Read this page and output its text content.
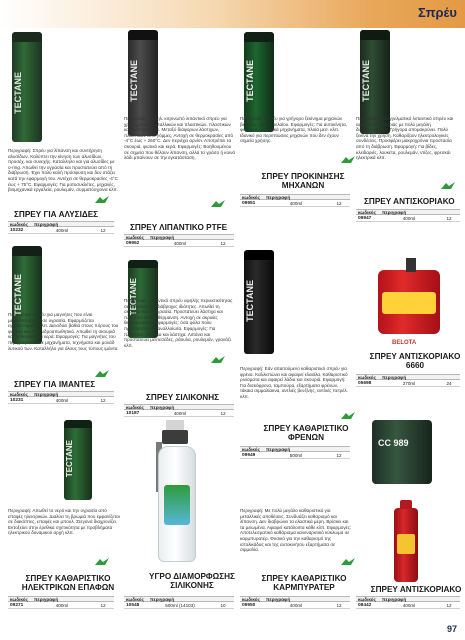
Σπρέυ
TECTANE
Περιγραφή: Σπρέυ για λίπανση και συντήρηση αλυσίδων. Καλύπτει την κίνηση των αλυσίδων, προσέχ. και συνεχής. Καταλληλο και για αλυσίδες με o-ring. Απωθεί την υγρασία και προστατεύει από τη διάβρωση. Έχει πολύ καλή πρόσφυση και δεν στάζει κατά την εφαρμογή του. Αντέχει σε θερμοκρασίες -4°C έως + 75°C. Εφαρμογές: Για μοτοσυκλέτες, μηχανές, βιομηχανικά εργαλεία, ρουλεμάν, συρματόσχοινα κλπ.
ΣΠΡΕΥ ΓΙΑ ΑΛΥΣΙΔΕΣ
κωδικός	περιγραφή
10232	400ml	12
TECTANE
Περιγραφή: Χαμηλ. κιτρινωπό λιπαντικό σπρέυ για χρήση μεταξύ μεταλλικών και πλαστικών, πλαστικών και λάστιχων κλπ. Μεταξύ διάφορων λάστιχων, πλαστικών από γόμμες, Αντοχή σε θερμοκρασίες από -4°C έως + 260°C. Δεν περιέχει αρνίσι. Αποτρέπει τα σκουριά, φωτικό και κερά. Εφαρμογές: Βοηθουμένου σε σημεία που θέλουν λίπανση, αλλά τα γράσο ή κοινά λάδι μπαίνουν σε την εγκατάσταση.
ΣΠΡΕΥ ΛΙΠΑΝΤΙΚΟ PTFE
κωδικός	περιγραφή
09952	400ml	12
TECTANE
Περιγραφή: Σπρέυ για γρήγορο ξεκίνημα μηχανών βενζίνης και πετρελαίου. Εφαρμογές: Για αυτοκίνητα, φορτηγά, γεωργικά μηχανήματα, πλοία μεσ. κλπ. Ιδανικό για περιπτώσεις μηχανών που δεν έχουν σημεία χρήσης.
ΣΠΡΕΥ ΠΡΟΚΙΝΗΣΗΣ ΜΗΧΑΝΩΝ
κωδικός	περιγραφή
09951	400ml	12
TECTANE
Περιγραφή: Επαγγελματικό λιπαντικό σπρέυ και αφαιρετικό σκουριάς με πολύ μεγάλη διεισδυτικότητα. Γρήγορα απομακρύνει. Πολύ ξεκινά την χρήση. Καθαρίζουν ηλεκτρολογικές συνδέσεις. Προσφέρει μακροχρόνια προστασία από τη διάβρωση. Εφαρμογή: Για βίδες, κλειδαριές, λουκέτα, ρουλεμάν, ντίζες, φρεσκάι ηλεκτρικά κλπ.
ΣΠΡΕΥ ΑΝΤΙΣΚΟΡΙΑΚΟ
κωδικός	περιγραφή
09947	400ml	12
TECTANE
Περιγραφή: Σπρέυ για μαγνήτες που είναι μεταλλοξυσμένο σε υγρασία. Εφαρμόζεται εγκατεστημένο κλπ. Διεισδύει βαθιά στους πόρους του φάκελο και είναι υδροαπωθητικό. Απωθεί τη σκουριά και τα θαλασσινά νερά. Εφαρμογές: Για μαγνήτες του περιγράφονται σε μηχανήματα, τεχνήματα και μονάδ λυτικού των. Καταλλήλο για όλους τους τύπους ιμάντα.
ΣΠΡΕΥ ΓΙΑ ΙΜΑΝΤΕΣ
κωδικός	περιγραφή
10231	400ml	12
TECTANE
Περιγραφή: Λιπαντικό σπρέυ υψηλής περιεκτικότητας σε σιλικόνη με αδιάβροχες ιδιότητες. Απωθεί τη σκουριά και τη υγρασία. Προστατεύει λάστιχα και πλαστικά από ενθέρμανση. Αντοχή σε ακραίες θερμοκρασίες. Εφαρμογές: όσα φύλα πολυ προστατεύονται αναλλοίωτα. Εφαρμογές: Για πλαστικά, μέταλλα και λάστιχα. Λιπάνει και προστατεύει μεντεσέδες, ράουλα, ρουλεμάν, γρανάζι κλπ.
ΣΠΡΕΥ ΣΙΛΙΚΟΝΗΣ
κωδικός	περιγραφή
10187	400ml	12
TECTANE
TECTANE
Περιγραφή: Απωθεί το νερό και την υγρασία από επαφές ηλεκτρικών. Διαλύει τη βρωμιά που εμφανίζεται σε διακόπτες, επαφές και μπουλ. Στεγανά διαχρονίζει. Εκτοξεύει στην έρεθικα σχετικότητα με προβλήματα ηλεκτρικού δυναμικού αρχή κλπ.
ΣΠΡΕΥ ΚΑΘΑΡΙΣΤΙΚΟ ΗΛΕΚΤΡΙΚΩΝ ΕΠΑΦΩΝ
κωδικός	περιγραφή
09271	400ml	12
ΥΓΡΟ ΔΙΑΜΟΡΦΩΣΗΣ ΣΙΛΙΚΟΝΗΣ
κωδικός	περιγραφή
10548	500ml (14103)	10
Περιγραφή: Εάν απαιτούμενο καθαριστικό σπρέυ για φρένα. Καλλιστώνει και αφαιρεί ελαιόλα. Καθαριστικό ρινίσματα και αφαιρεί λάδια και σκουριά. Εφαρμογή: Για δισκόφρενα, ταμπούρα, εξαρτήματα φρένων, τάκαια σιμμαλίακνα, αντλιές βενζίνης, αντλιές πετρέλ. κλπ.
ΣΠΡΕΥ ΚΑΘΑΡΙΣΤΙΚΟ ΦΡΕΝΩΝ
κωδικός	περιγραφή
09949	500ml	12
BELOTA
ΣΠΡΕΥ ΑΝΤΙΣΚΟΡΙΑΚΟ 6660
κωδικός	περιγραφή
05698	270ml	24
CC 989
Περιγραφή: Με πολύ μεγάλο καθαριστικό για μεταλλικές αποθέσεις. Συνδυάζει καθαρισμό και λίπανση. Δεν διαβρώνει τα ελαστικά μέρη. Βρίσκει και τα μειωμένα. Αφαιρεί κατάλοιπα κάθε κλπ. Εφαρμογές: Αποτελεσματικό καθάρισμα κανεναρκτικό κύκλωμα σε καρμπυρατέρ. Φυσικό για την καθαρισμό της ιστολικάδας και της αυτοκινήτου εξαρτήματα σε σιμμαλία.
ΣΠΡΕΥ ΚΑΘΑΡΙΣΤΙΚΟ ΚΑΡΜΠΥΡΑΤΕΡ
κωδικός	περιγραφή
09950	400ml	12
ΣΠΡΕΥ ΑΝΤΙΣΚΟΡΙΑΚΟ
κωδικός	περιγραφή
08442	400ml	12
97
